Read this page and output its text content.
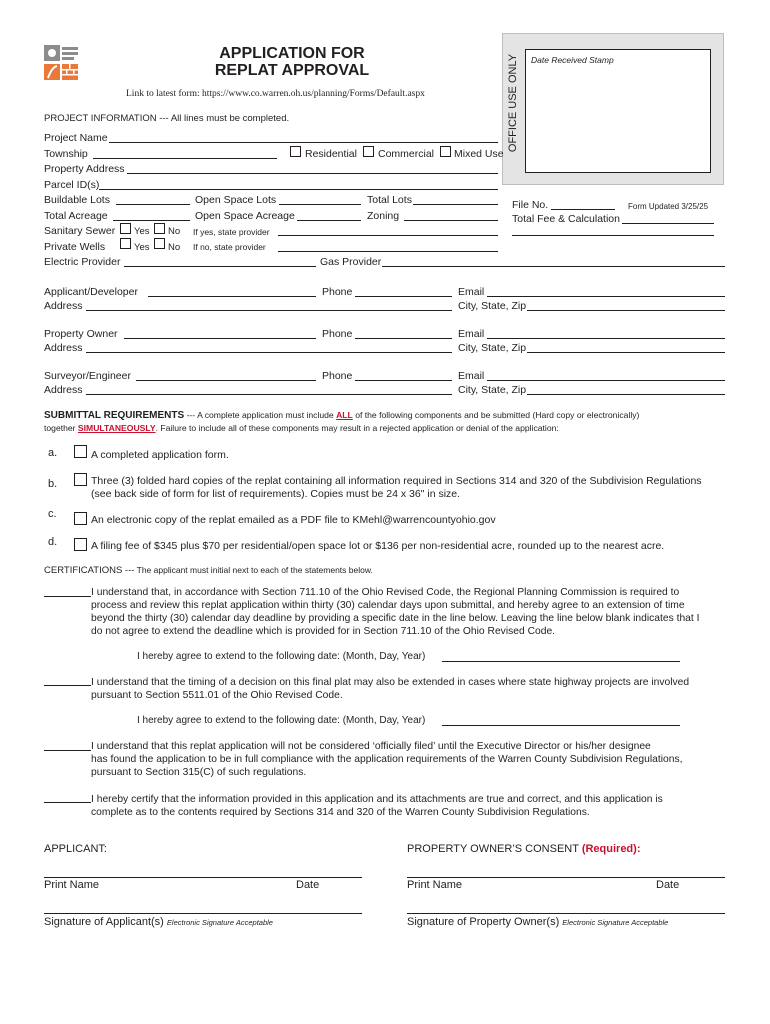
APPLICATION FOR
REPLAT APPROVAL
Link to latest form: https://www.co.warren.oh.us/planning/Forms/Default.aspx	OFFICE USE ONLY Date Received Stamp
File No.	Form Updated 3/25/25
Total Fee & Calculation
PROJECT INFORMATION --- All lines must be completed.
Project Name
Township	Residential Commercial Mixed Use
Property Address
Parcel ID(s)
Buildable Lots	Open Space Lots	Total Lots
Total Acreage	Open Space Acreage	Zoning
Sanitary Sewer Yes No If yes, state provider
Private Wells	Yes No If no, state provider
Electric Provider	Gas Provider
Applicant/Developer	Phone	Email
Address	City, State, Zip
Property Owner	Phone	Email
Address	City, State, Zip
Surveyor/Engineer	Phone	Email
Address	City, State, Zip
SUBMITTAL REQUIREMENTS --- A complete application must include ALL of the following components and be submitted (Hard copy or electronically)
together SIMULTANEOUSLY. Failure to include all of these components may result in a rejected application or denial of the application:
a.	A completed application form.
b.	Three (3) folded hard copies of the replat containing all information required in Sections 314 and 320 of the Subdivision Regulations
(see back side of form for list of requirements). Copies must be 24 x 36" in size.
c.	An electronic copy of the replat emailed as a PDF file to KMehl@warrencountyohio.gov
d.	A filing fee of $345 plus $70 per residential/open space lot or $136 per non-residential acre, rounded up to the nearest acre.
CERTIFICATIONS --- The applicant must initial next to each of the statements below.
I understand that, in accordance with Section 711.10 of the Ohio Revised Code, the Regional Planning Commission is required to
process and review this replat application within thirty (30) calendar days upon submittal, and hereby agree to an extension of time
beyond the thirty (30) calendar day deadline by providing a specific date in the line below. Leaving the line below blank indicates that I
do not agree to extend the deadline which is provided for in Section 711.10 of the Ohio Revised Code.
I hereby agree to extend to the following date: (Month, Day, Year)
I understand that the timing of a decision on this final plat may also be extended in cases where state highway projects are involved
pursuant to Section 5511.01 of the Ohio Revised Code.
I hereby agree to extend to the following date: (Month, Day, Year)
I understand that this replat application will not be considered ‘officially filed’ until the Executive Director or his/her designee
has found the application to be in full compliance with the application requirements of the Warren County Subdivision Regulations,
pursuant to Section 315(C) of such regulations.
I hereby certify that the information provided in this application and its attachments are true and correct, and this application is
complete as to the contents required by Sections 314 and 320 of the Warren County Subdivision Regulations.
APPLICANT:	PROPERTY OWNER’S CONSENT (Required):
Print Name	Date	Print Name	Date
Signature of Applicant(s) Electronic Signature Acceptable	Signature of Property Owner(s) Electronic Signature Acceptable
